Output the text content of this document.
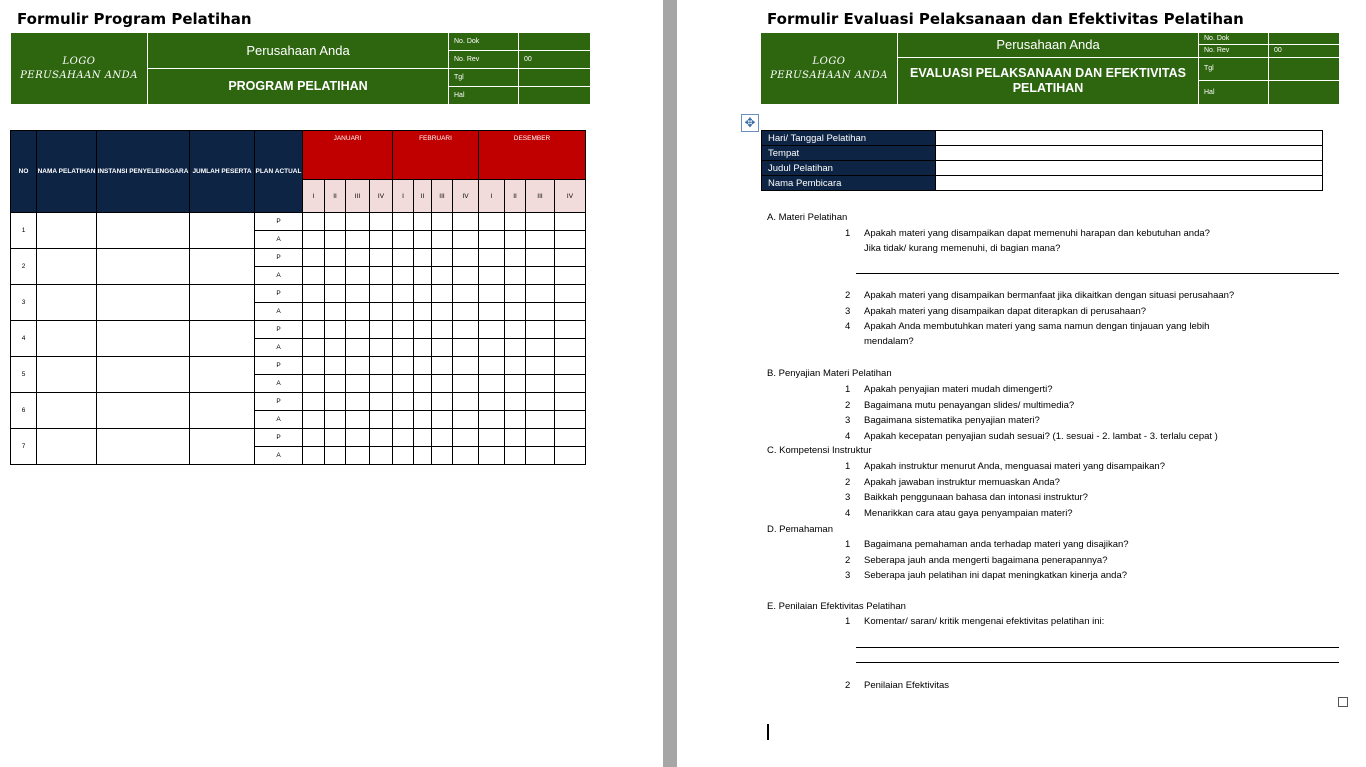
Formulir Program Pelatihan
LOGO
PERUSAHAAN ANDA	Perusahaan Anda	No. Dok	
		No. Rev	00
	PROGRAM PELATIHAN	Tgl	
		Hal	
NO	NAMA PELATIHAN	INSTANSI PENYELENGGARA	JUMLAH PESERTA	PLAN ACTUAL	JANUARI				FEBRUARI				DESEMBER			
					I	II	III	IV	I	II	III	IV	I	II	III	IV
1				P												
				A												
2				P												
				A												
3				P												
				A												
4				P												
				A												
5				P												
				A												
6				P												
				A												
7				P												
				A												
Formulir Evaluasi Pelaksanaan dan Efektivitas Pelatihan
LOGO
PERUSAHAAN ANDA	Perusahaan Anda	No. Dok	
		No. Rev	00
	EVALUASI PELAKSANAAN DAN EFEKTIVITAS PELATIHAN	Tgl	
		Hal	
✥
Hari/ Tanggal Pelatihan	
Tempat	
Judul Pelatihan	
Nama Pembicara	
A. Materi Pelatihan
1 Apakah materi yang disampaikan dapat memenuhi harapan dan kebutuhan anda?
Jika tidak/ kurang memenuhi, di bagian mana?
2 Apakah materi yang disampaikan bermanfaat jika dikaitkan dengan situasi perusahaan?
3 Apakah materi yang disampaikan dapat diterapkan di perusahaan?
4 Apakah Anda membutuhkan materi yang sama namun dengan tinjauan yang lebih
mendalam?
B. Penyajian Materi Pelatihan
1 Apakah penyajian materi mudah dimengerti?
2 Bagaimana mutu penayangan slides/ multimedia?
3 Bagaimana sistematika penyajian materi?
4 Apakah kecepatan penyajian sudah sesuai? (1. sesuai - 2. lambat - 3. terlalu cepat )
C. Kompetensi Instruktur
1 Apakah instruktur menurut Anda, menguasai materi yang disampaikan?
2 Apakah jawaban instruktur memuaskan Anda?
3 Baikkah penggunaan bahasa dan intonasi instruktur?
4 Menarikkan cara atau gaya penyampaian materi?
D. Pemahaman
1 Bagaimana pemahaman anda terhadap materi yang disajikan?
2 Seberapa jauh anda mengerti bagaimana penerapannya?
3 Seberapa jauh pelatihan ini dapat meningkatkan kinerja anda?
E. Penilaian Efektivitas Pelatihan
1 Komentar/ saran/ kritik mengenai efektivitas pelatihan ini:
2 Penilaian Efektivitas
